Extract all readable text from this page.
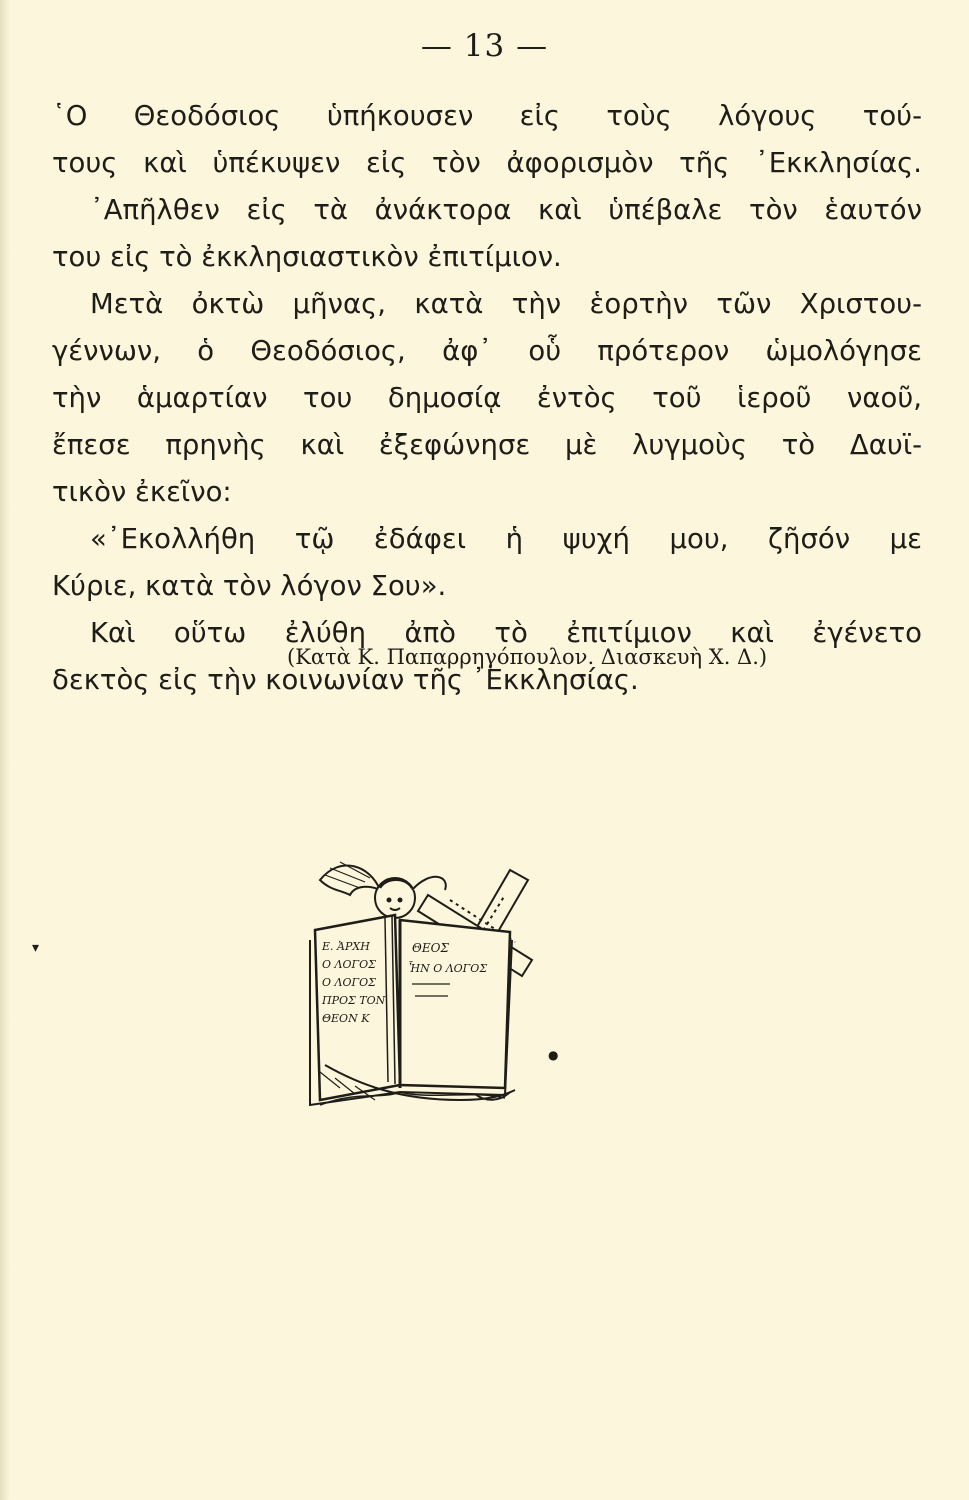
— 13 —
῾Ο Θεοδόσιος ὑπήκουσεν εἰς τοὺς λόγους τού-
τους καὶ ὑπέκυψεν εἰς τὸν ἀφορισμὸν τῆς ᾿Εκκλησίας.
᾿Απῆλθεν εἰς τὰ ἀνάκτορα καὶ ὑπέβαλε τὸν ἑαυτόν
του εἰς τὸ ἐκκλησιαστικὸν ἐπιτίμιον.
Μετὰ ὀκτὼ μῆνας, κατὰ τὴν ἑορτὴν τῶν Χριστου-
γέννων, ὁ Θεοδόσιος, ἀφ᾿ οὗ πρότερον ὡμολόγησε
τὴν ἁμαρτίαν του δημοσίᾳ ἐντὸς τοῦ ἱεροῦ ναοῦ,
ἔπεσε πρηνὴς καὶ ἐξεφώνησε μὲ λυγμοὺς τὸ Δαυϊ-
τικὸν ἐκεῖνο:
«᾿Εκολλήθη τῷ ἐδάφει ἡ ψυχή μου, ζῆσόν με
Κύριε, κατὰ τὸν λόγον Σου».
Καὶ οὕτω ἐλύθη ἀπὸ τὸ ἐπιτίμιον καὶ ἐγένετο
δεκτὸς εἰς τὴν κοινωνίαν τῆς ᾿Εκκλησίας.
(Κατὰ Κ. Παπαρρηγόπουλον. Διασκευὴ Χ. Δ.)
▾	Ε. ἈΡΧΗ
Ο ΛΟΓΟΣ
Ο ΛΟΓΟΣ
ΠΡΟΣ ΤΟΝ
ΘΕΟΝ Κ
ΘΕΟΣ
ἮΝ Ο ΛΟΓΟΣ
●
